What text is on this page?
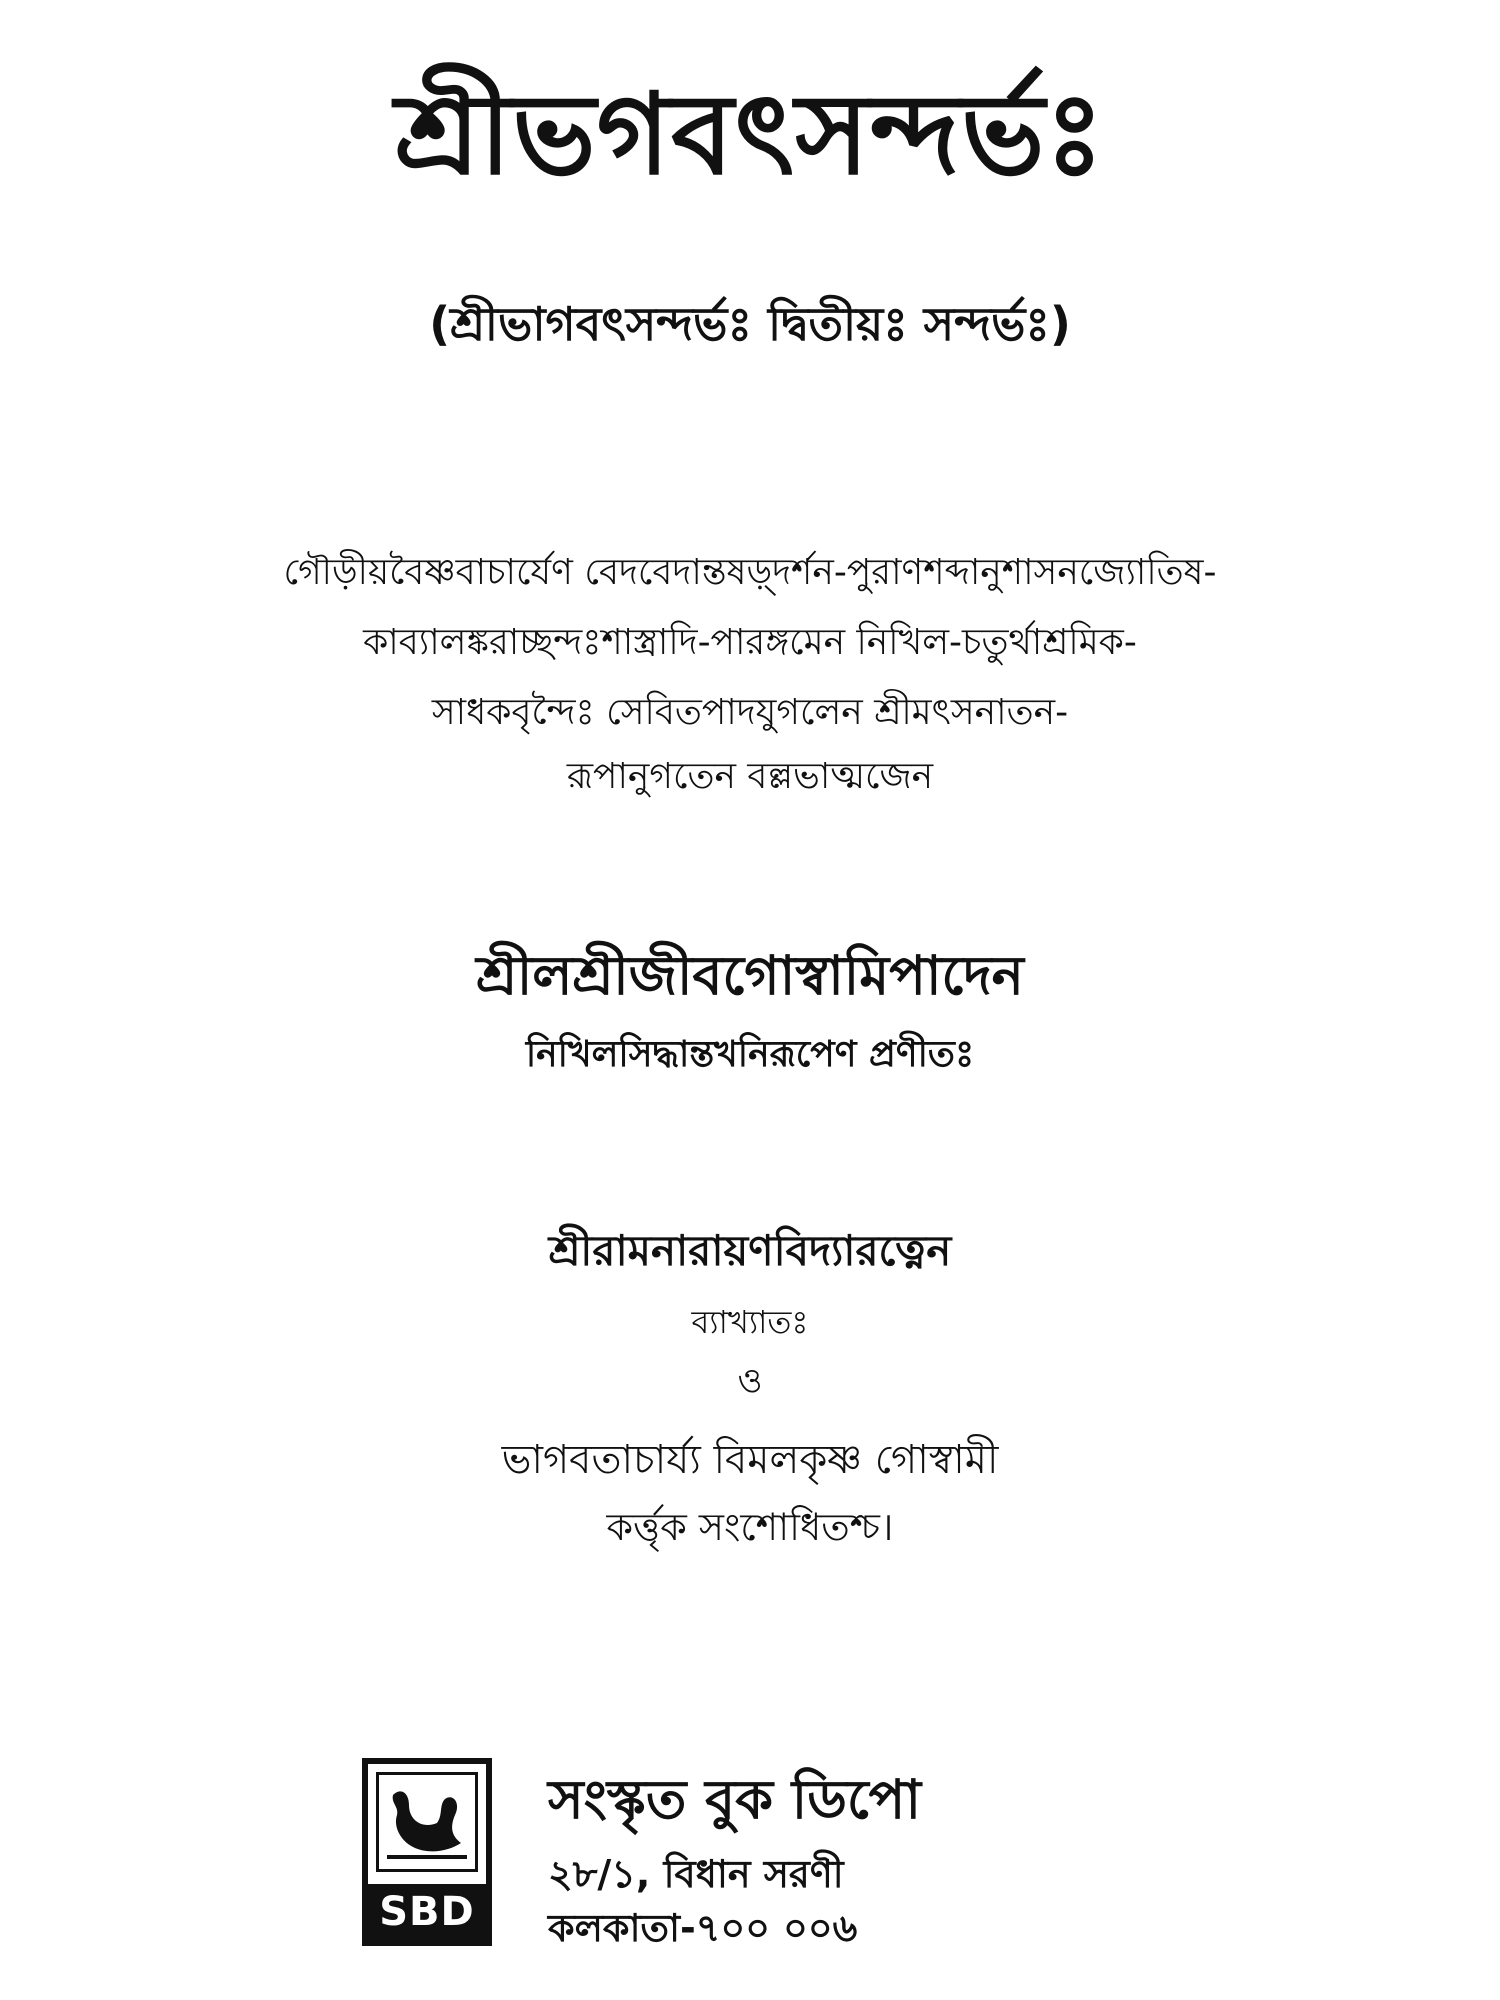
শ্রীভগবৎসন্দর্ভঃ
(শ্রীভাগবৎসন্দর্ভঃ দ্বিতীয়ঃ সন্দর্ভঃ)
গৌড়ীয়বৈষ্ণবাচার্যেণ বেদবেদান্তষড়্দর্শন-পুরাণশব্দানুশাসনজ্যোতিষ-
কাব্যালঙ্করাচ্ছন্দঃশাস্ত্রাদি-পারঙ্গমেন নিখিল-চতুর্থাশ্রমিক-
সাধকবৃন্দৈঃ সেবিতপাদযুগলেন শ্রীমৎসনাতন-
রূপানুগতেন বল্লভাত্মজেন
শ্রীলশ্রীজীবগোস্বামিপাদেন
নিখিলসিদ্ধান্তখনিরূপেণ প্রণীতঃ
শ্রীরামনারায়ণবিদ্যারত্নেন
ব্যাখ্যাতঃ
ও
ভাগবতাচার্য্য বিমলকৃষ্ণ গোস্বামী
কর্ত্তৃক সংশোধিতশ্চ।
SBD
সংস্কৃত বুক ডিপো
২৮/১, বিধান সরণী
কলকাতা-৭০০ ০০৬
